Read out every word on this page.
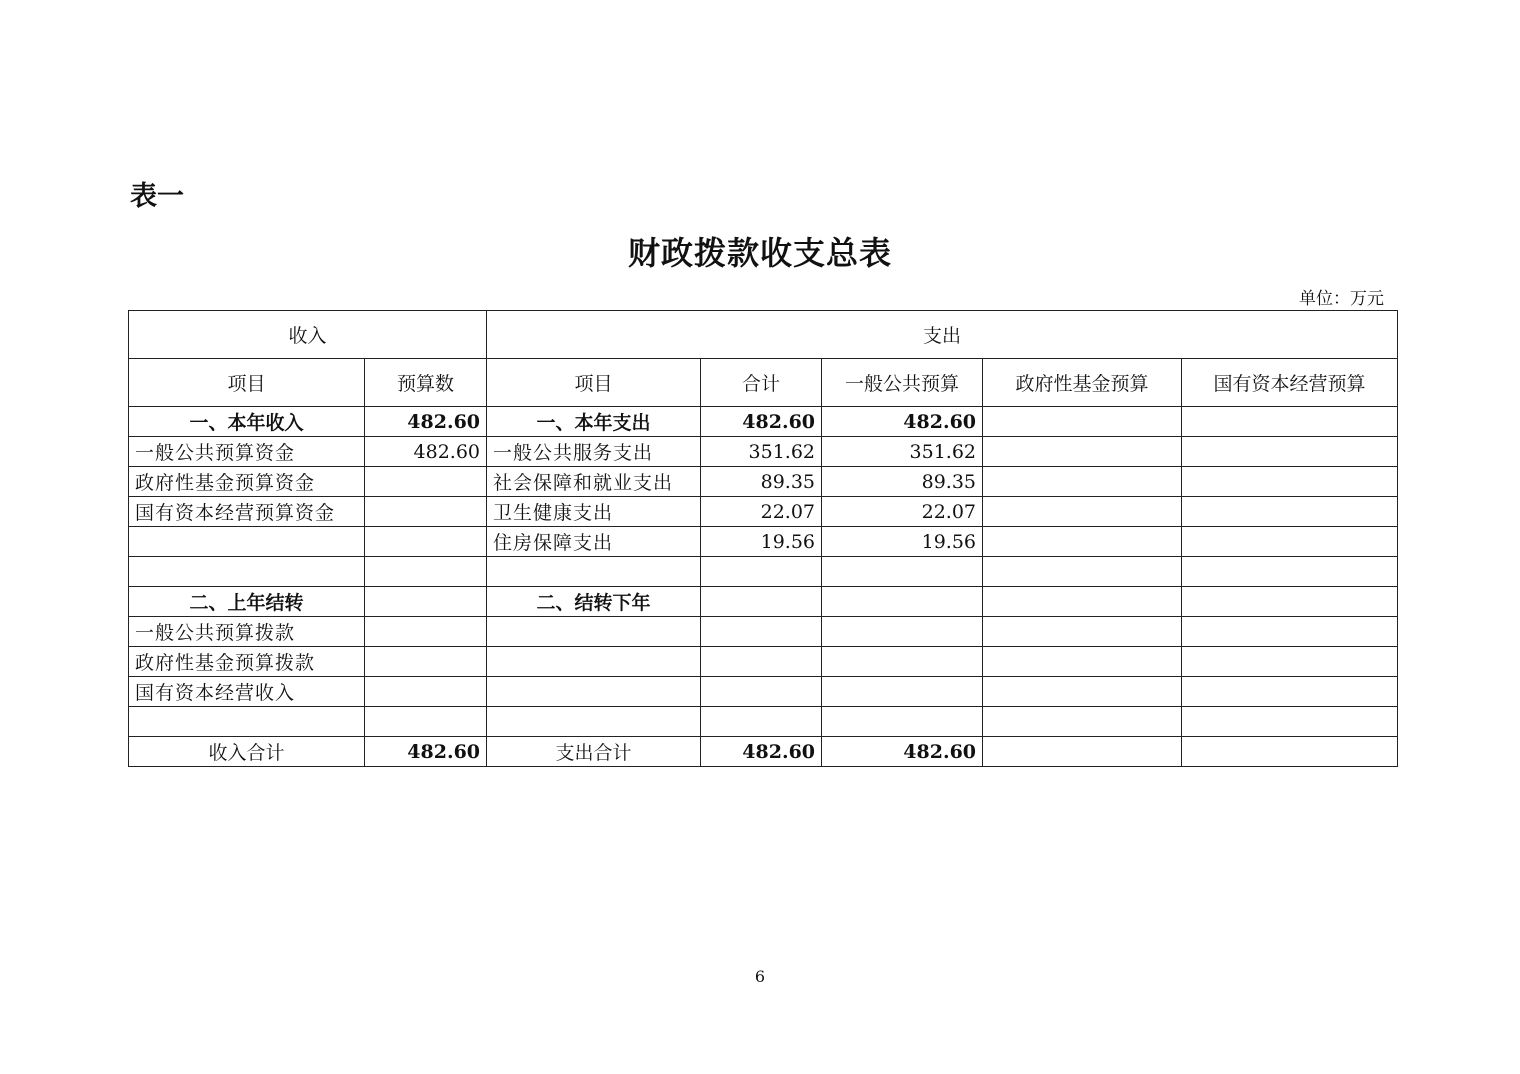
表一
财政拨款收支总表
单位：万元
收入		支出				
项目	预算数	项目	合计	一般公共预算	政府性基金预算	国有资本经营预算
一、本年收入	482.60	一、本年支出	482.60	482.60		
一般公共预算资金	482.60	一般公共服务支出	351.62	351.62		
政府性基金预算资金		社会保障和就业支出	89.35	89.35		
国有资本经营预算资金		卫生健康支出	22.07	22.07		
		住房保障支出	19.56	19.56		

二、上年结转		二、结转下年				
一般公共预算拨款						
政府性基金预算拨款						
国有资本经营收入						

收入合计	482.60	支出合计	482.60	482.60		
6
